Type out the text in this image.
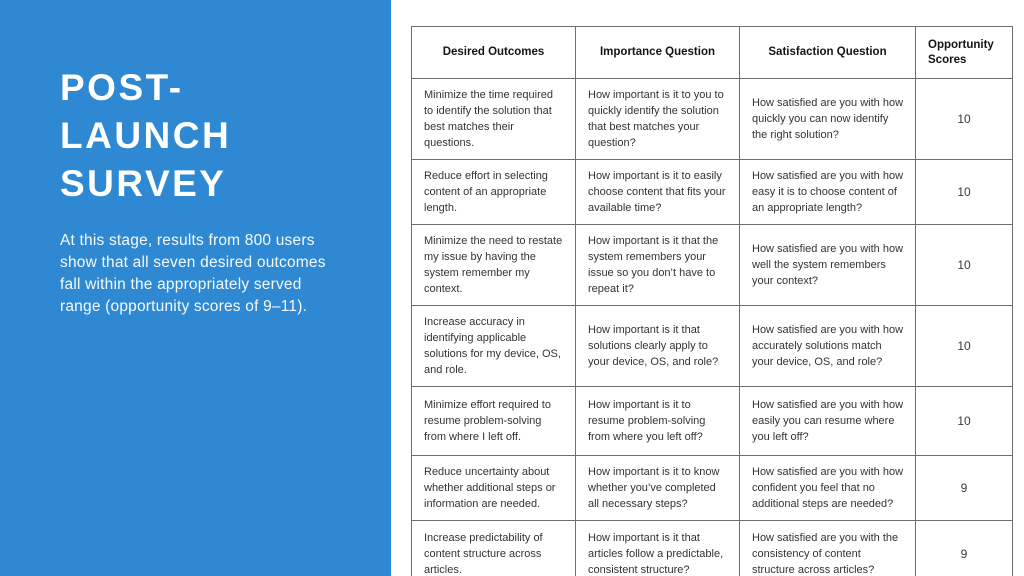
POST-
LAUNCH
SURVEY
At this stage, results from 800 users show that all seven desired outcomes fall within the appropriately served range (opportunity scores of 9–11).
Desired Outcomes	Importance Question	Satisfaction Question	Opportunity Scores
Minimize the time required to identify the solution that best matches their questions.	How important is it to you to quickly identify the solution that best matches your question?	How satisfied are you with how quickly you can now identify the right solution?	10
Reduce effort in selecting content of an appropriate length.	How important is it to easily choose content that fits your available time?	How satisfied are you with how easy it is to choose content of an appropriate length?	10
Minimize the need to restate my issue by having the system remember my context.	How important is it that the system remembers your issue so you don’t have to repeat it?	How satisfied are you with how well the system remembers your context?	10
Increase accuracy in identifying applicable solutions for my device, OS, and role.	How important is it that solutions clearly apply to your device, OS, and role?	How satisfied are you with how accurately solutions match your device, OS, and role?	10
Minimize effort required to resume problem-solving from where I left off.	How important is it to resume problem-solving from where you left off?	How satisfied are you with how easily you can resume where you left off?	10
Reduce uncertainty about whether additional steps or information are needed.	How important is it to know whether you’ve completed all necessary steps?	How satisfied are you with how confident you feel that no additional steps are needed?	9
Increase predictability of content structure across articles.	How important is it that articles follow a predictable, consistent structure?	How satisfied are you with the consistency of content structure across articles?	9
